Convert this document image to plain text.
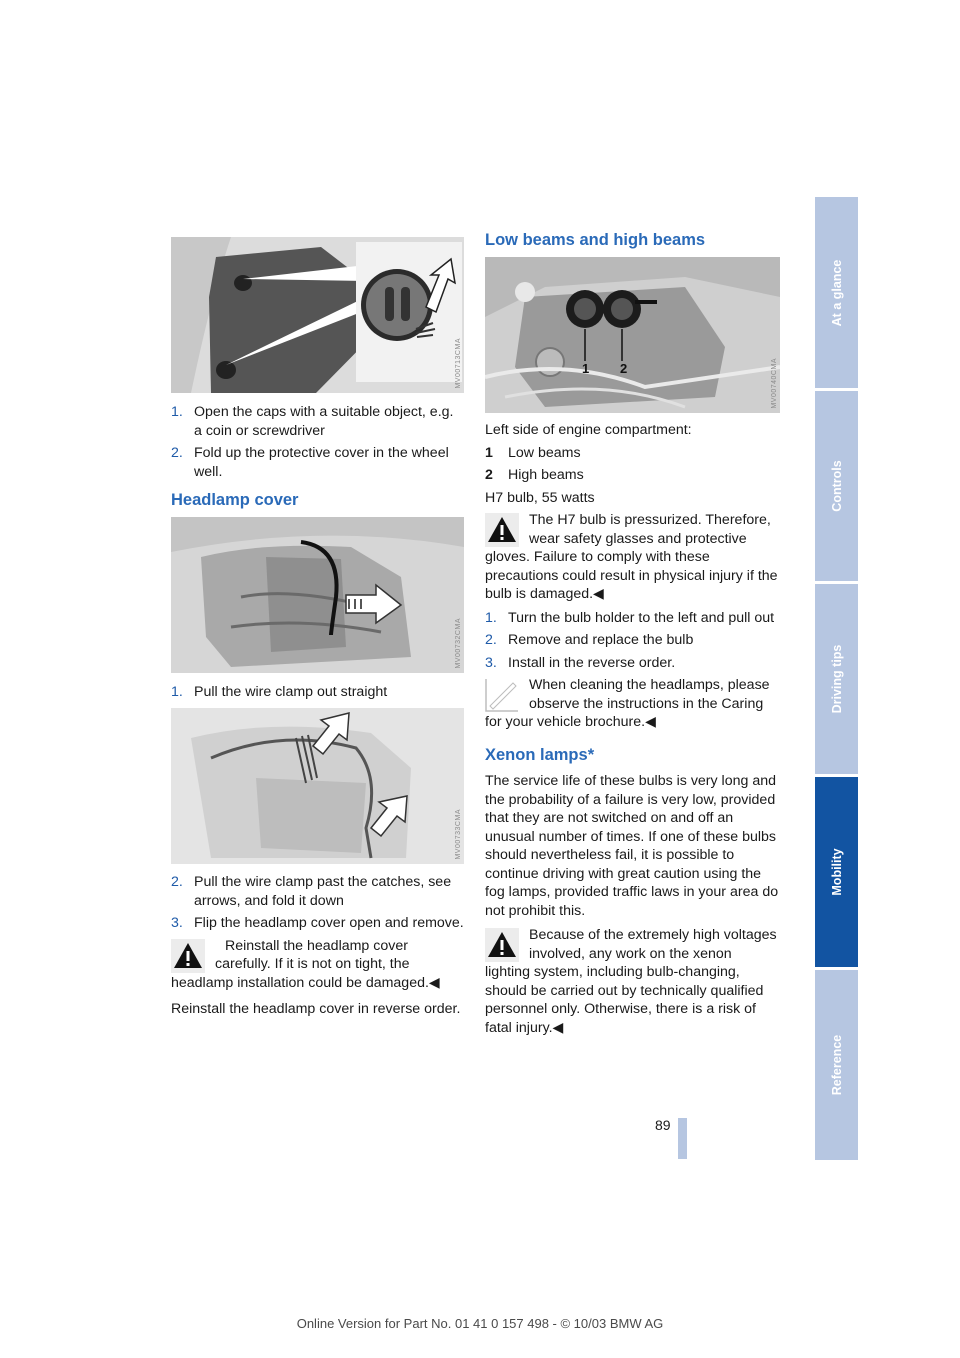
MV00713CMA
MV00732CMA
MV00733CMA
1 2	MV00740CMA
1. Open the caps with a suitable object, e.g. a coin or screwdriver
2. Fold up the protective cover in the wheel well.
Headlamp cover
1. Pull the wire clamp out straight
2. Pull the wire clamp past the catches, see arrows, and fold it down
3. Flip the headlamp cover open and remove.
Reinstall the headlamp cover carefully. If it is not on tight, the headlamp installation could be damaged.◀

Reinstall the headlamp cover in reverse order.

Low beams and high beams

Left side of engine compartment:

1	Low beams
2	High beams

H7 bulb, 55 watts

The H7 bulb is pressurized. Therefore, wear safety glasses and protective gloves. Failure to comply with these precautions could result in physical injury if the bulb is damaged.◀
1. Turn the bulb holder to the left and pull out
2. Remove and replace the bulb
3. Install in the reverse order.
When cleaning the headlamps, please observe the instructions in the Caring for your vehicle brochure.◀
Xenon lamps*

The service life of these bulbs is very long and the probability of a failure is very low, provided that they are not switched on and off an unusual number of times. If one of these bulbs should nevertheless fail, it is possible to continue driving with great caution using the fog lamps, provided traffic laws in your area do not prohibit this.

Because of the extremely high voltages involved, any work on the xenon lighting system, including bulb-changing, should be carried out by technically qualified personnel only. Otherwise, there is a risk of fatal injury.◀
At a glance
Controls
Driving tips
Mobility
Reference
89
Online Version for Part No. 01 41 0 157 498 - © 10/03 BMW AG
